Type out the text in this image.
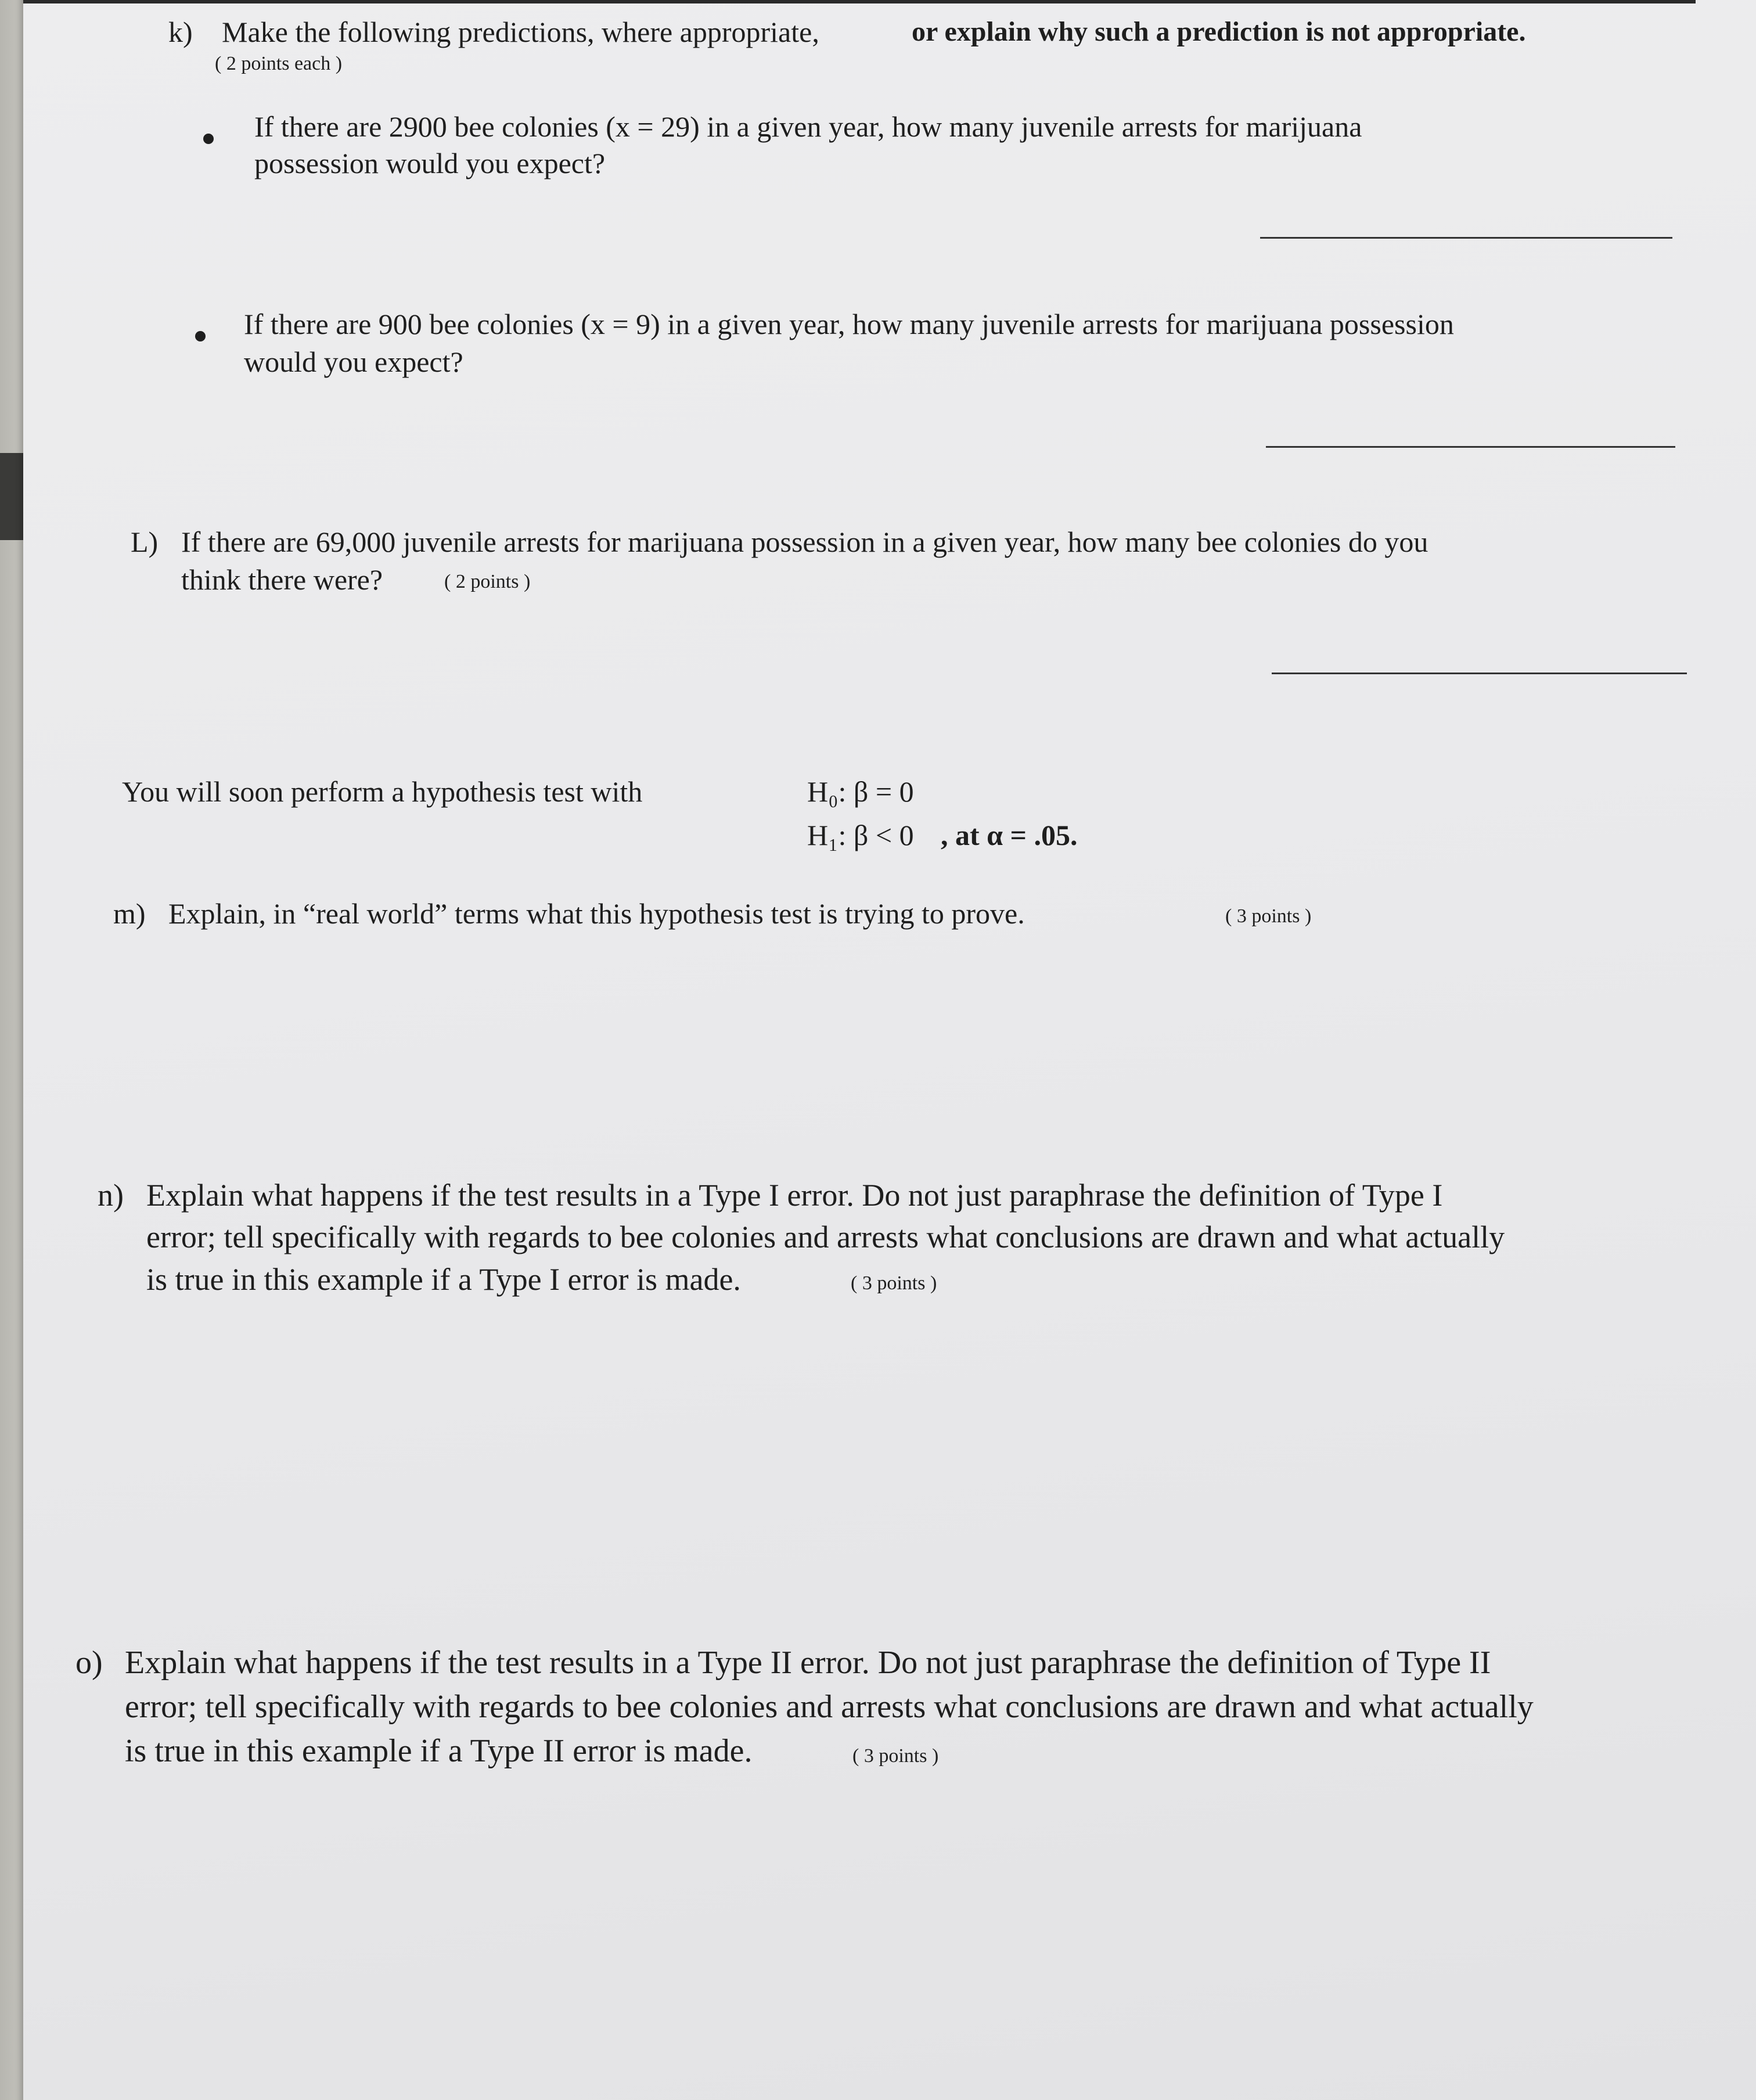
k) Make the following predictions, where appropriate,	or explain why such a prediction is not appropriate.
( 2 points each )
If there are 2900 bee colonies (x = 29) in a given year, how many juvenile arrests for marijuana
possession would you expect?
If there are 900 bee colonies (x = 9) in a given year, how many juvenile arrests for marijuana possession
would you expect?
L) If there are 69,000 juvenile arrests for marijuana possession in a given year, how many bee colonies do you
think there were?	( 2 points )
You will soon perform a hypothesis test with	H₀: β = 0
H₁: β < 0 , at α = .05.
m) Explain, in “real world” terms what this hypothesis test is trying to prove.	( 3 points )
n) Explain what happens if the test results in a Type I error. Do not just paraphrase the definition of Type I
error; tell specifically with regards to bee colonies and arrests what conclusions are drawn and what actually
is true in this example if a Type I error is made.	( 3 points )
o) Explain what happens if the test results in a Type II error. Do not just paraphrase the definition of Type II
error; tell specifically with regards to bee colonies and arrests what conclusions are drawn and what actually
is true in this example if a Type II error is made.	( 3 points )
